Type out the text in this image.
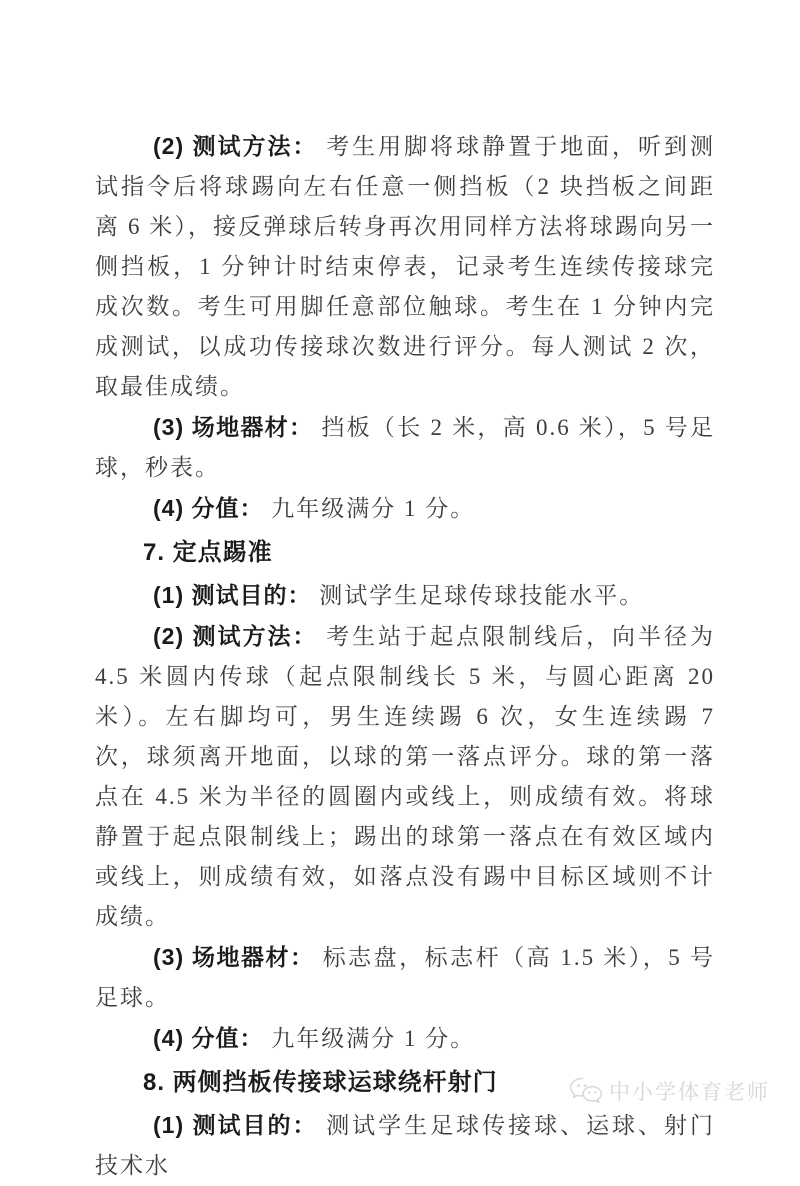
(2) 测试方法： 考生用脚将球静置于地面，听到测试指令后将球踢向左右任意一侧挡板（2 块挡板之间距离 6 米），接反弹球后转身再次用同样方法将球踢向另一侧挡板，1 分钟计时结束停表，记录考生连续传接球完成次数。考生可用脚任意部位触球。考生在 1 分钟内完成测试，以成功传接球次数进行评分。每人测试 2 次，取最佳成绩。

(3) 场地器材： 挡板（长 2 米，高 0.6 米），5 号足球，秒表。

(4) 分值： 九年级满分 1 分。

7. 定点踢准

(1) 测试目的： 测试学生足球传球技能水平。

(2) 测试方法： 考生站于起点限制线后，向半径为 4.5 米圆内传球（起点限制线长 5 米，与圆心距离 20 米）。左右脚均可，男生连续踢 6 次，女生连续踢 7 次，球须离开地面，以球的第一落点评分。球的第一落点在 4.5 米为半径的圆圈内或线上，则成绩有效。将球静置于起点限制线上；踢出的球第一落点在有效区域内或线上，则成绩有效，如落点没有踢中目标区域则不计成绩。

(3) 场地器材： 标志盘，标志杆（高 1.5 米），5 号足球。

(4) 分值： 九年级满分 1 分。

8. 两侧挡板传接球运球绕杆射门

(1) 测试目的： 测试学生足球传接球、运球、射门技术水

中小学体育老师
